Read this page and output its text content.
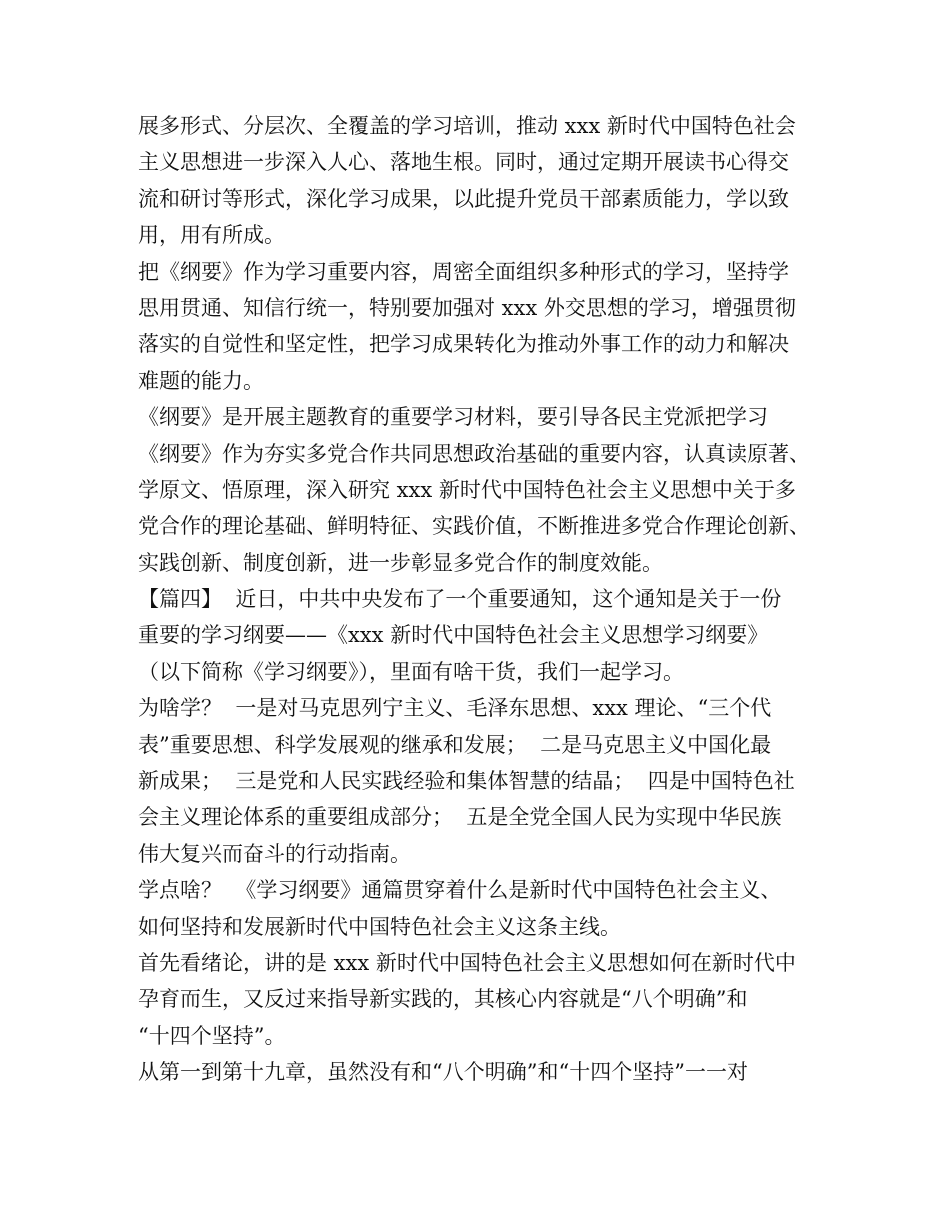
展多形式、分层次、全覆盖的学习培训，推动 xxx 新时代中国特色社会
主义思想进一步深入人心、落地生根。同时，通过定期开展读书心得交
流和研讨等形式，深化学习成果，以此提升党员干部素质能力，学以致
用，用有所成。
把《纲要》作为学习重要内容，周密全面组织多种形式的学习，坚持学
思用贯通、知信行统一，特别要加强对 xxx 外交思想的学习，增强贯彻
落实的自觉性和坚定性，把学习成果转化为推动外事工作的动力和解决
难题的能力。
《纲要》是开展主题教育的重要学习材料，要引导各民主党派把学习
《纲要》作为夯实多党合作共同思想政治基础的重要内容，认真读原著、
学原文、悟原理，深入研究 xxx 新时代中国特色社会主义思想中关于多
党合作的理论基础、鲜明特征、实践价值，不断推进多党合作理论创新、
实践创新、制度创新，进一步彰显多党合作的制度效能。
【篇四】  近日，中共中央发布了一个重要通知，这个通知是关于一份
重要的学习纲要——《xxx 新时代中国特色社会主义思想学习纲要》
（以下简称《学习纲要》），里面有啥干货，我们一起学习。
为啥学？  一是对马克思列宁主义、毛泽东思想、xxx 理论、“三个代
表”重要思想、科学发展观的继承和发展；  二是马克思主义中国化最
新成果；  三是党和人民实践经验和集体智慧的结晶；  四是中国特色社
会主义理论体系的重要组成部分；  五是全党全国人民为实现中华民族
伟大复兴而奋斗的行动指南。
学点啥？  《学习纲要》通篇贯穿着什么是新时代中国特色社会主义、
如何坚持和发展新时代中国特色社会主义这条主线。
首先看绪论，讲的是 xxx 新时代中国特色社会主义思想如何在新时代中
孕育而生，又反过来指导新实践的，其核心内容就是“八个明确”和
“十四个坚持”。
从第一到第十九章，虽然没有和“八个明确”和“十四个坚持”一一对
